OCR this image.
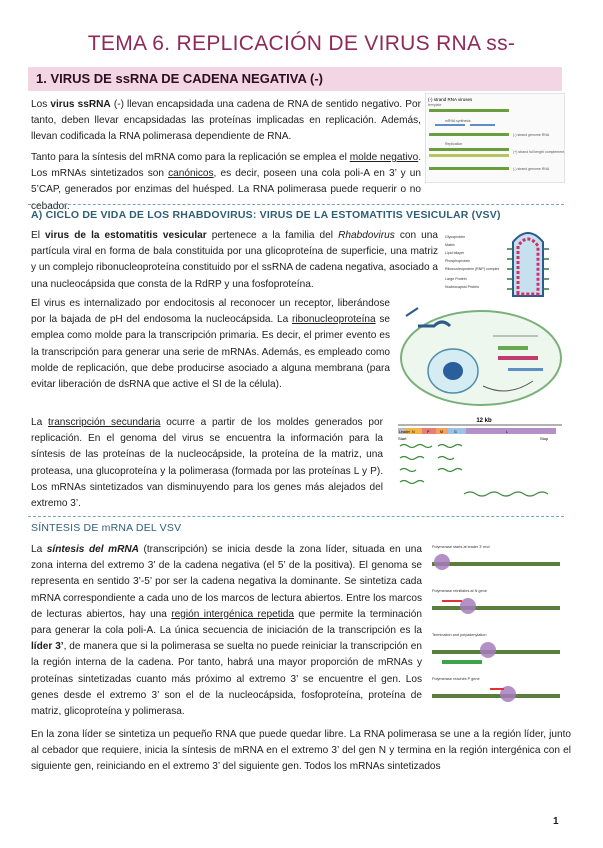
TEMA 6. REPLICACIÓN DE VIRUS RNA ss-
1. VIRUS DE ssRNA DE CADENA NEGATIVA (-)
Los virus ssRNA (-) llevan encapsidada una cadena de RNA de sentido negativo. Por tanto, deben llevar encapsidadas las proteínas implicadas en replicación. Además, llevan codificada la RNA polimerasa dependiente de RNA.
Tanto para la síntesis del mRNA como para la replicación se emplea el molde negativo. Los mRNAs sintetizados son canónicos, es decir, poseen una cola poli-A en 3’ y un 5’CAP, generados por enzimas del huésped. La RNA polimerasa puede requerir o no cebador.
(-) strand RNA viruses
template
mRNA synthesis
(-) strand genome RNA
Replication
(+) strand full length complement
(-) strand genome RNA
A) CICLO DE VIDA DE LOS RHABDOVIRUS: VIRUS DE LA ESTOMATITIS VESICULAR (VSV)
El virus de la estomatitis vesicular pertenece a la familia del Rhabdovirus con una partícula viral en forma de bala constituida por una glicoproteína de superficie, una matriz y un complejo ribonucleoproteína constituido por el ssRNA de cadena negativa, asociado a una nucleocápsida que consta de la RdRP y una fosfoproteína.
Glycoprotein
Matrix
Lipid bilayer
Phosphoprotein
Ribonucleoprotein (RNP) complex
Large Protein
Nucleocapsid Protein
El virus es internalizado por endocitosis al reconocer un receptor, liberándose por la bajada de pH del endosoma la nucleocápsida. La ribonucleoproteína se emplea como molde para la transcripción primaria. Es decir, el primer evento es la transcripción para generar una serie de mRNAs. Además, es empleado como molde de replicación, que debe producirse asociado a alguna membrana (para evitar liberación de dsRNA que active el SI de la célula).
La transcripción secundaria ocurre a partir de los moldes generados por replicación. En el genoma del virus se encuentra la información para la síntesis de las proteínas de la nucleocápside, la proteína de la matriz, una proteasa, una glucoproteína y la polimerasa (formada por las proteínas L y P). Los mRNAs sintetizados van disminuyendo para los genes más alejados del extremo 3’.
12 kb
Start	Stop
Leader N	P	M	G	L
SÍNTESIS DE mRNA DEL VSV
La síntesis del mRNA (transcripción) se inicia desde la zona líder, situada en una zona interna del extremo 3’ de la cadena negativa (el 5’ de la positiva). El genoma se representa en sentido 3’-5’ por ser la cadena negativa la dominante. Se sintetiza cada mRNA correspondiente a cada uno de los marcos de lectura abiertos. Entre los marcos de lecturas abiertos, hay una región intergénica repetida que permite la terminación para generar la cola poli-A. La única secuencia de iniciación de la transcripción es la líder 3’, de manera que si la polimerasa se suelta no puede reiniciar la transcripción en la región interna de la cadena. Por tanto, habrá una mayor proporción de mRNAs y proteínas sintetizadas cuanto más próximo al extremo 3’ se encuentre el gen. Los genes desde el extremo 3’ son el de la nucleocápsida, fosfoproteína, proteína de matriz, glicoproteína y polimerasa.
Polymerase starts at leader 3' end
Polymerase reinitiates at N gene
Termination and polyadenylation
Polymerase reaches P gene
En la zona líder se sintetiza un pequeño RNA que puede quedar libre. La RNA polimerasa se une a la región líder, junto al cebador que requiere, inicia la síntesis de mRNA en el extremo 3’ del gen N y termina en la región intergénica con el siguiente gen, reiniciando en el extremo 3’ del siguiente gen. Todos los mRNAs sintetizados
1
